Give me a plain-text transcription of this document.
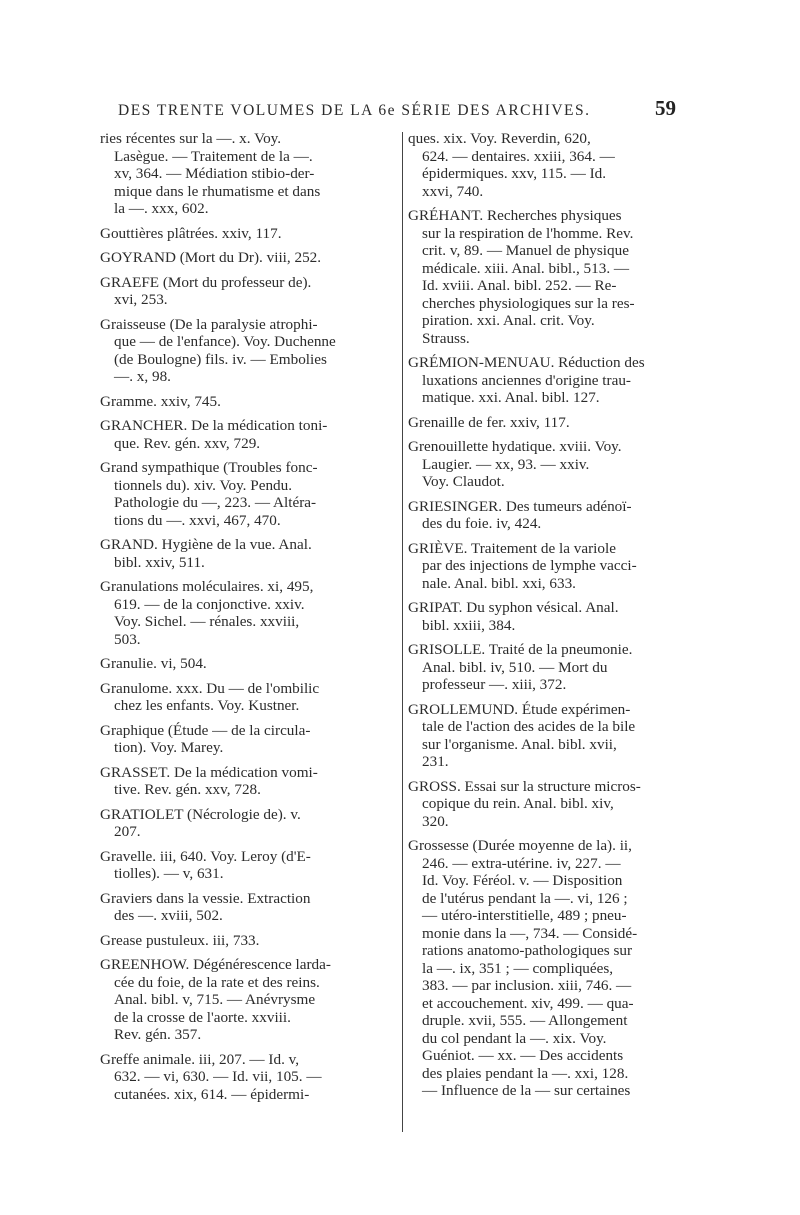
DES TRENTE VOLUMES DE LA 6e SÉRIE DES ARCHIVES.	59
ries récentes sur la —. x. Voy.
Lasègue. — Traitement de la —.
xv, 364. — Médiation stibio-der-
mique dans le rhumatisme et dans
la —. xxx, 602.
Gouttières plâtrées. xxiv, 117.
GOYRAND (Mort du Dr). viii, 252.
GRAEFE (Mort du professeur de).
xvi, 253.
Graisseuse (De la paralysie atrophi-
que — de l'enfance). Voy. Duchenne
(de Boulogne) fils. iv. — Embolies
—. x, 98.
Gramme. xxiv, 745.
GRANCHER. De la médication toni-
que. Rev. gén. xxv, 729.
Grand sympathique (Troubles fonc-
tionnels du). xiv. Voy. Pendu.
Pathologie du —, 223. — Altéra-
tions du —. xxvi, 467, 470.
GRAND. Hygiène de la vue. Anal.
bibl. xxiv, 511.
Granulations moléculaires. xi, 495,
619. — de la conjonctive. xxiv.
Voy. Sichel. — rénales. xxviii,
503.
Granulie. vi, 504.
Granulome. xxx. Du — de l'ombilic
chez les enfants. Voy. Kustner.
Graphique (Étude — de la circula-
tion). Voy. Marey.
GRASSET. De la médication vomi-
tive. Rev. gén. xxv, 728.
GRATIOLET (Nécrologie de). v.
207.
Gravelle. iii, 640. Voy. Leroy (d'E-
tiolles). — v, 631.
Graviers dans la vessie. Extraction
des —. xviii, 502.
Grease pustuleux. iii, 733.
GREENHOW. Dégénérescence larda-
cée du foie, de la rate et des reins.
Anal. bibl. v, 715. — Anévrysme
de la crosse de l'aorte. xxviii.
Rev. gén. 357.
Greffe animale. iii, 207. — Id. v,
632. — vi, 630. — Id. vii, 105. —
cutanées. xix, 614. — épidermi-
ques. xix. Voy. Reverdin, 620,
624. — dentaires. xxiii, 364. —
épidermiques. xxv, 115. — Id.
xxvi, 740.
GRÉHANT. Recherches physiques
sur la respiration de l'homme. Rev.
crit. v, 89. — Manuel de physique
médicale. xiii. Anal. bibl., 513. —
Id. xviii. Anal. bibl. 252. — Re-
cherches physiologiques sur la res-
piration. xxi. Anal. crit. Voy.
Strauss.
GRÉMION-MENUAU. Réduction des
luxations anciennes d'origine trau-
matique. xxi. Anal. bibl. 127.
Grenaille de fer. xxiv, 117.
Grenouillette hydatique. xviii. Voy.
Laugier. — xx, 93. — xxiv.
Voy. Claudot.
GRIESINGER. Des tumeurs adénoï-
des du foie. iv, 424.
GRIÈVE. Traitement de la variole
par des injections de lymphe vacci-
nale. Anal. bibl. xxi, 633.
GRIPAT. Du syphon vésical. Anal.
bibl. xxiii, 384.
GRISOLLE. Traité de la pneumonie.
Anal. bibl. iv, 510. — Mort du
professeur —. xiii, 372.
GROLLEMUND. Étude expérimen-
tale de l'action des acides de la bile
sur l'organisme. Anal. bibl. xvii,
231.
GROSS. Essai sur la structure micros-
copique du rein. Anal. bibl. xiv,
320.
Grossesse (Durée moyenne de la). ii,
246. — extra-utérine. iv, 227. —
Id. Voy. Féréol. v. — Disposition
de l'utérus pendant la —. vi, 126 ;
— utéro-interstitielle, 489 ; pneu-
monie dans la —, 734. — Considé-
rations anatomo-pathologiques sur
la —. ix, 351 ; — compliquées,
383. — par inclusion. xiii, 746. —
et accouchement. xiv, 499. — qua-
druple. xvii, 555. — Allongement
du col pendant la —. xix. Voy.
Guéniot. — xx. — Des accidents
des plaies pendant la —. xxi, 128.
— Influence de la — sur certaines
